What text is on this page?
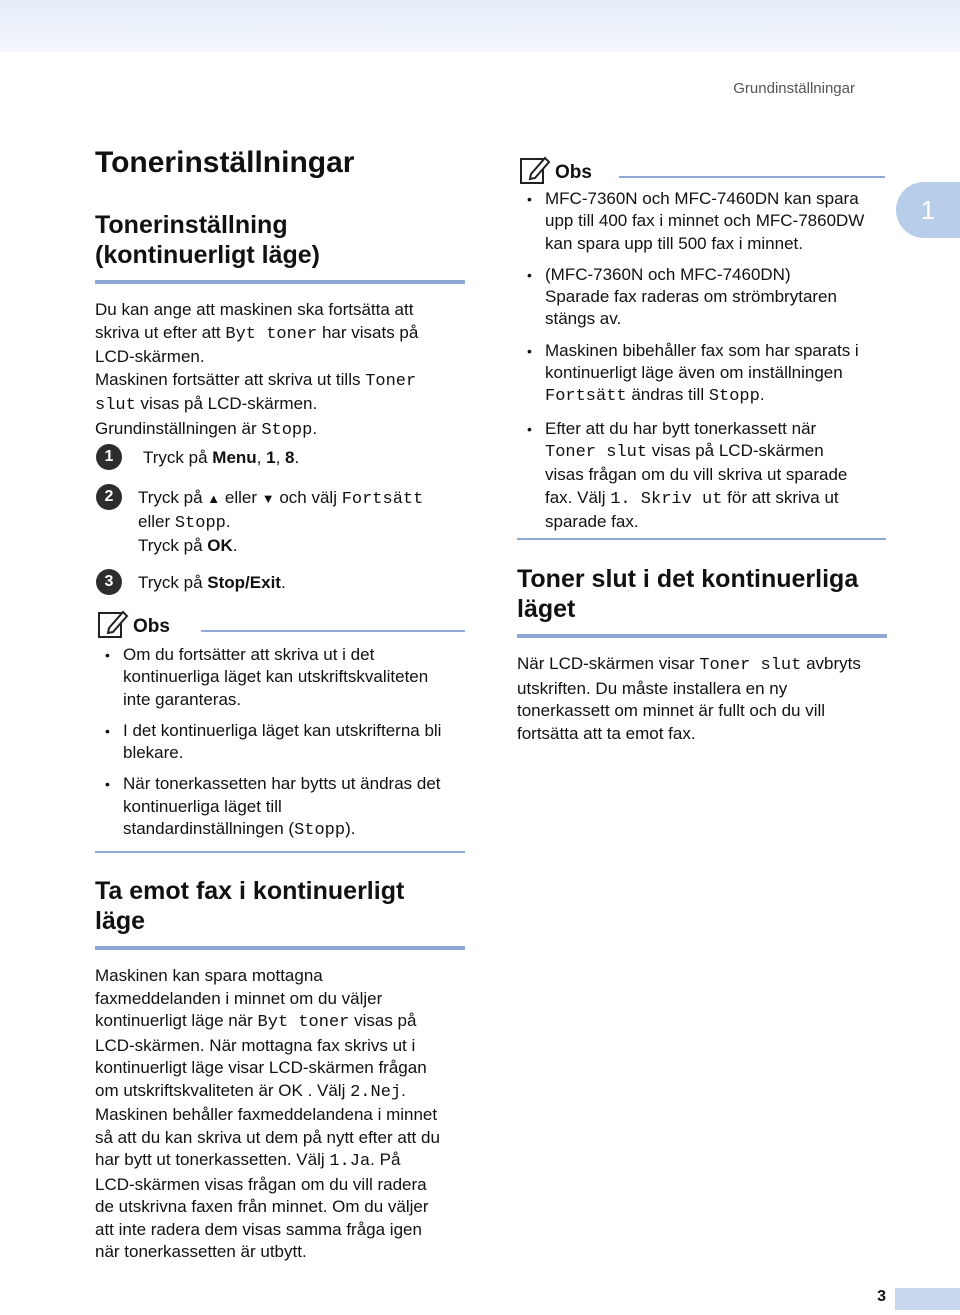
Grundinställningar
1
Tonerinställningar
Tonerinställning
(kontinuerligt läge)

Du kan ange att maskinen ska fortsätta att
skriva ut efter att Byt toner har visats på
LCD-skärmen.
Maskinen fortsätter att skriva ut tills Toner
slut visas på LCD-skärmen.
Grundinställningen är Stopp.

1	Tryck på Menu, 1, 8.
2	Tryck på ▲ eller ▼ och välj Fortsätt
eller Stopp.
Tryck på OK.
3	Tryck på Stop/Exit.
Obs
• Om du fortsätter att skriva ut i det
kontinuerliga läget kan utskriftskvaliteten
inte garanteras.
• I det kontinuerliga läget kan utskrifterna bli
blekare.
• När tonerkassetten har bytts ut ändras det
kontinuerliga läget till
standardinställningen (Stopp).
Ta emot fax i kontinuerligt
läge

Maskinen kan spara mottagna
faxmeddelanden i minnet om du väljer
kontinuerligt läge när Byt toner visas på
LCD-skärmen. När mottagna fax skrivs ut i
kontinuerligt läge visar LCD-skärmen frågan
om utskriftskvaliteten är OK . Välj 2.Nej.
Maskinen behåller faxmeddelandena i minnet
så att du kan skriva ut dem på nytt efter att du
har bytt ut tonerkassetten. Välj 1.Ja. På
LCD-skärmen visas frågan om du vill radera
de utskrivna faxen från minnet. Om du väljer
att inte radera dem visas samma fråga igen
när tonerkassetten är utbytt.

Obs
• MFC-7360N och MFC-7460DN kan spara
upp till 400 fax i minnet och MFC-7860DW
kan spara upp till 500 fax i minnet.
• (MFC-7360N och MFC-7460DN)
Sparade fax raderas om strömbrytaren
stängs av.
• Maskinen bibehåller fax som har sparats i
kontinuerligt läge även om inställningen
Fortsätt ändras till Stopp.
• Efter att du har bytt tonerkassett när
Toner slut visas på LCD-skärmen
visas frågan om du vill skriva ut sparade
fax. Välj 1. Skriv ut för att skriva ut
sparade fax.
Toner slut i det kontinuerliga
läget

När LCD-skärmen visar Toner slut avbryts
utskriften. Du måste installera en ny
tonerkassett om minnet är fullt och du vill
fortsätta att ta emot fax.

3
